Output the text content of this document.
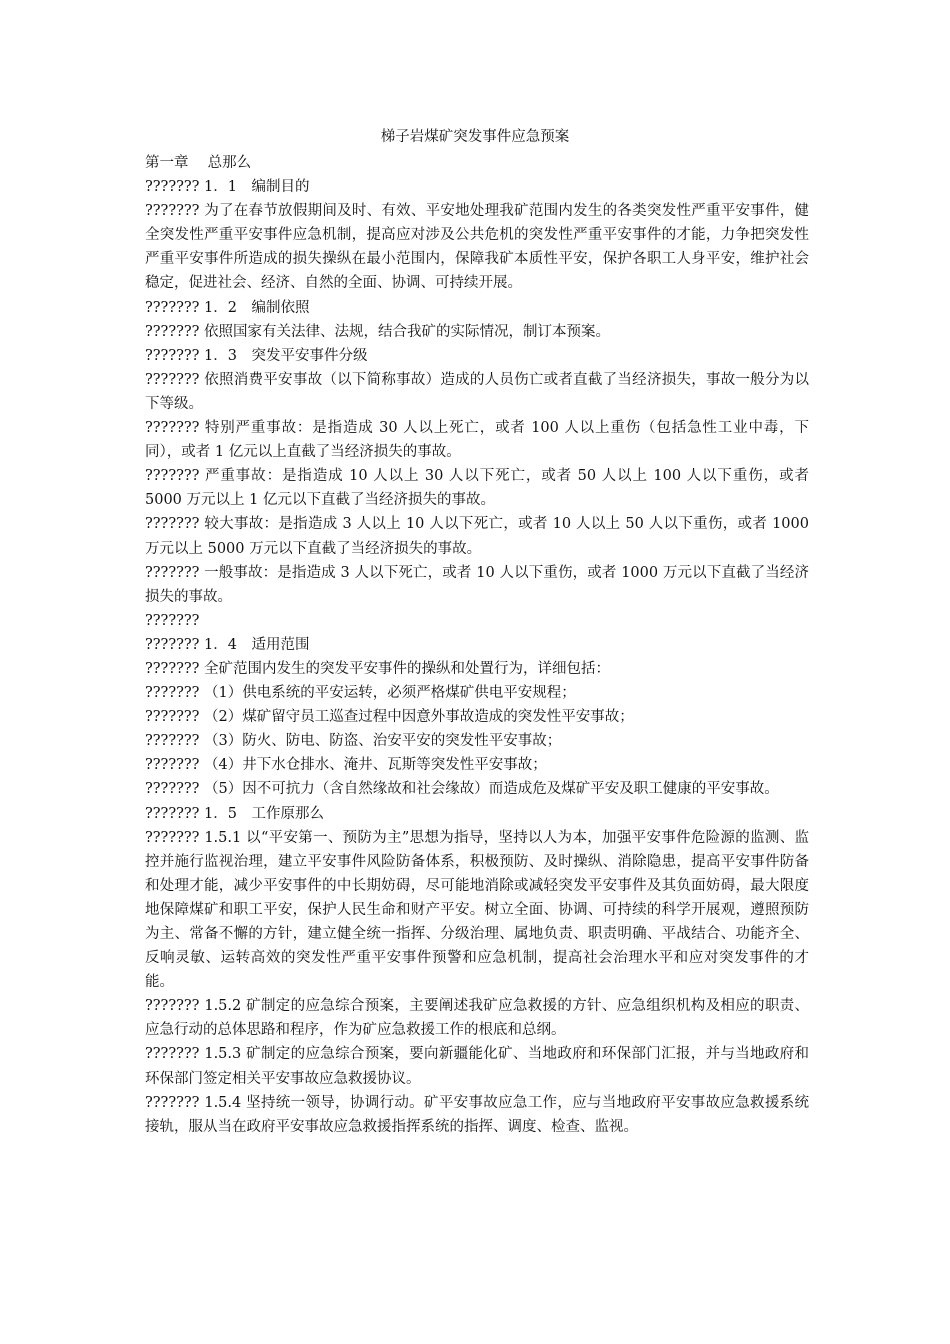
梯子岩煤矿突发事件应急预案

第一章　 总那么

??????? 1．1　编制目的

??????? 为了在春节放假期间及时、有效、平安地处理我矿范围内发生的各类突发性严重平安事件，健全突发性严重平安事件应急机制，提高应对涉及公共危机的突发性严重平安事件的才能，力争把突发性严重平安事件所造成的损失操纵在最小范围内，保障我矿本质性平安，保护各职工人身平安，维护社会稳定，促进社会、经济、自然的全面、协调、可持续开展。

??????? 1．2　编制依照

??????? 依照国家有关法律、法规，结合我矿的实际情况，制订本预案。

??????? 1．3　突发平安事件分级

??????? 依照消费平安事故（以下简称事故）造成的人员伤亡或者直截了当经济损失，事故一般分为以下等级。

??????? 特别严重事故：是指造成 30 人以上死亡，或者 100 人以上重伤（包括急性工业中毒，下同），或者 1 亿元以上直截了当经济损失的事故。

??????? 严重事故：是指造成 10 人以上 30 人以下死亡，或者 50 人以上 100 人以下重伤，或者 5000 万元以上 1 亿元以下直截了当经济损失的事故。

??????? 较大事故：是指造成 3 人以上 10 人以下死亡，或者 10 人以上 50 人以下重伤，或者 1000 万元以上 5000 万元以下直截了当经济损失的事故。

??????? 一般事故：是指造成 3 人以下死亡，或者 10 人以下重伤，或者 1000 万元以下直截了当经济损失的事故。

???????

??????? 1．4　适用范围

??????? 全矿范围内发生的突发平安事件的操纵和处置行为，详细包括：

??????? （1）供电系统的平安运转，必须严格煤矿供电平安规程；

??????? （2）煤矿留守员工巡查过程中因意外事故造成的突发性平安事故；

??????? （3）防火、防电、防盗、治安平安的突发性平安事故；

??????? （4）井下水仓排水、淹井、瓦斯等突发性平安事故；

??????? （5）因不可抗力（含自然缘故和社会缘故）而造成危及煤矿平安及职工健康的平安事故。

??????? 1．5　工作原那么

??????? 1.5.1 以“平安第一、预防为主”思想为指导，坚持以人为本，加强平安事件危险源的监测、监控并施行监视治理，建立平安事件风险防备体系，积极预防、及时操纵、消除隐患，提高平安事件防备和处理才能，减少平安事件的中长期妨碍，尽可能地消除或减轻突发平安事件及其负面妨碍，最大限度地保障煤矿和职工平安，保护人民生命和财产平安。树立全面、协调、可持续的科学开展观，遵照预防为主、常备不懈的方针，建立健全统一指挥、分级治理、属地负责、职责明确、平战结合、功能齐全、反响灵敏、运转高效的突发性严重平安事件预警和应急机制，提高社会治理水平和应对突发事件的才能。

??????? 1.5.2 矿制定的应急综合预案，主要阐述我矿应急救援的方针、应急组织机构及相应的职责、应急行动的总体思路和程序，作为矿应急救援工作的根底和总纲。

??????? 1.5.3 矿制定的应急综合预案，要向新疆能化矿、当地政府和环保部门汇报，并与当地政府和环保部门签定相关平安事故应急救援协议。

??????? 1.5.4 坚持统一领导，协调行动。矿平安事故应急工作，应与当地政府平安事故应急救援系统接轨，服从当在政府平安事故应急救援指挥系统的指挥、调度、检查、监视。
